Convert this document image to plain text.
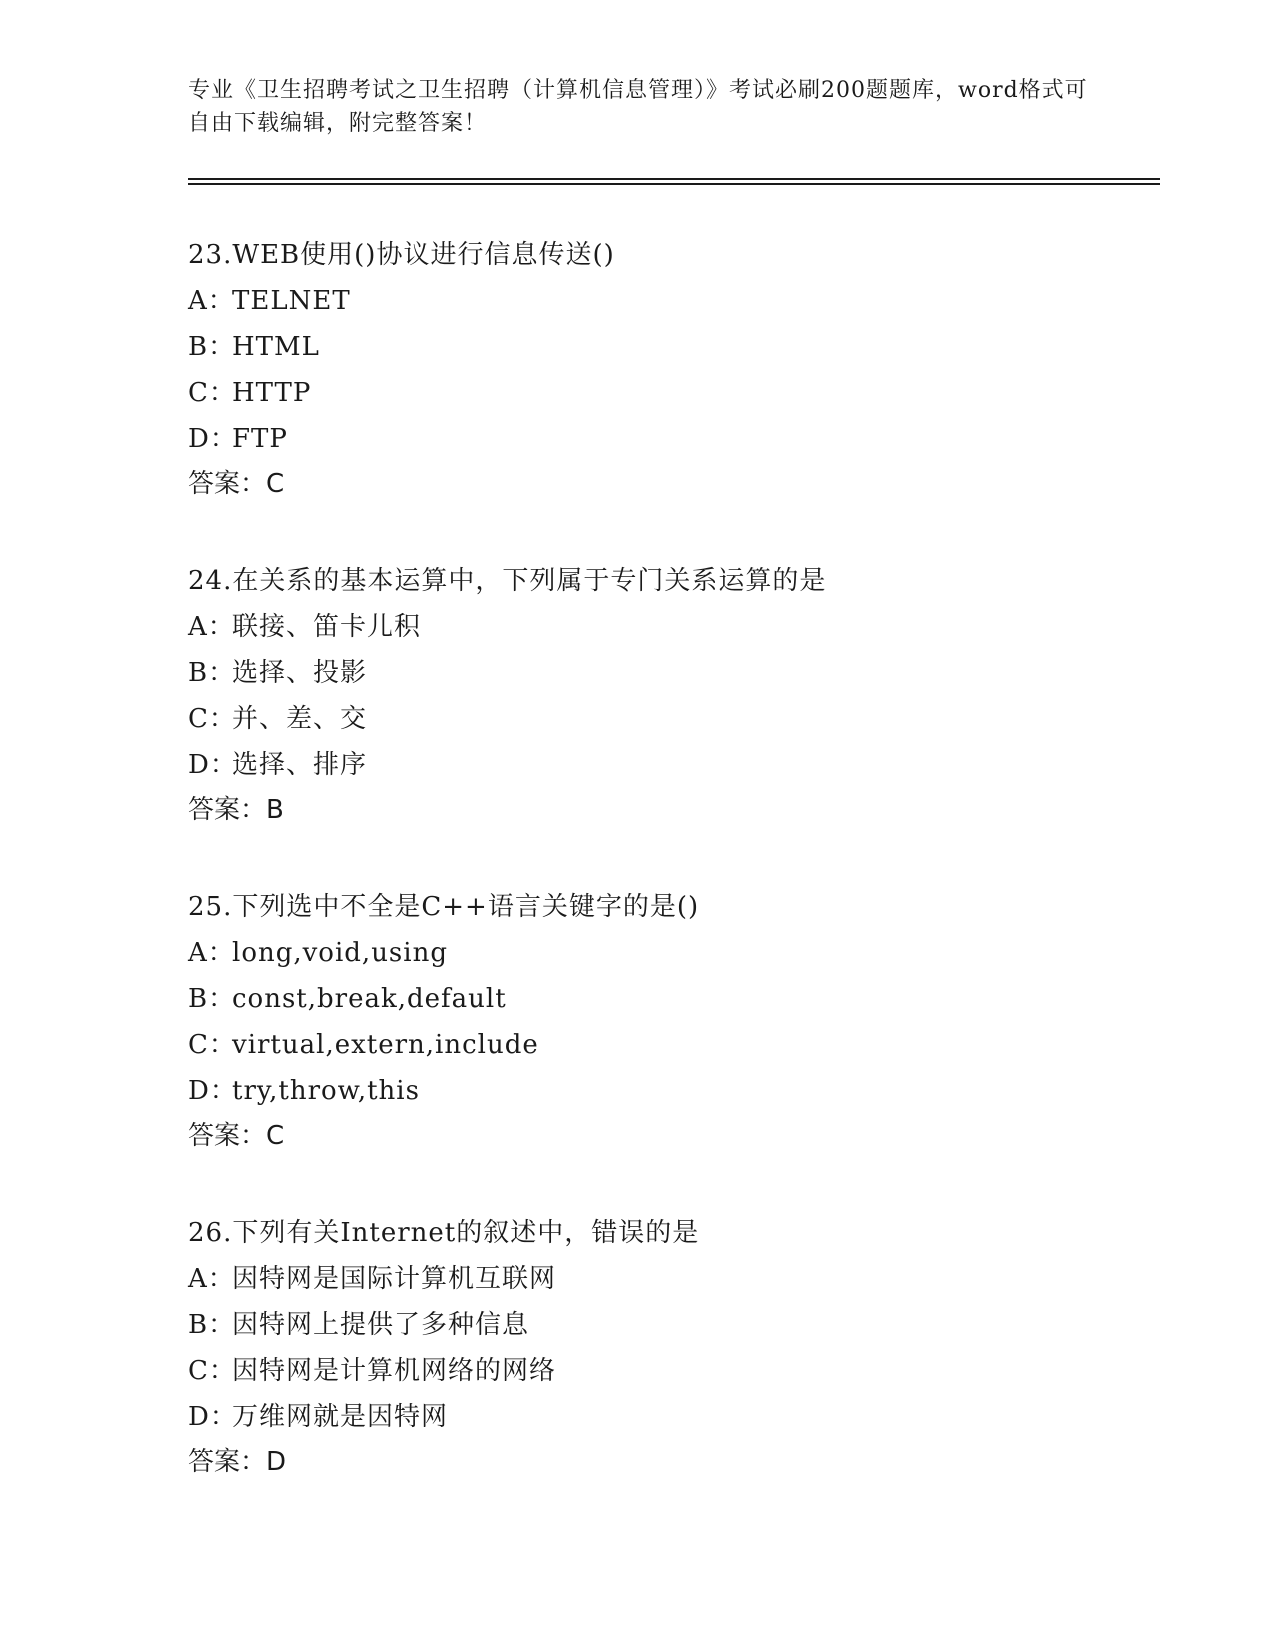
专业《卫生招聘考试之卫生招聘（计算机信息管理）》考试必刷200题题库，word格式可自由下载编辑，附完整答案！
23.WEB使用()协议进行信息传送()
A：TELNET
B：HTML
C：HTTP
D：FTP
答案：C
24.在关系的基本运算中，下列属于专门关系运算的是
A：联接、笛卡儿积
B：选择、投影
C：并、差、交
D：选择、排序
答案：B
25.下列选中不全是C++语言关键字的是()
A：long,void,using
B：const,break,default
C：virtual,extern,include
D：try,throw,this
答案：C
26.下列有关Internet的叙述中，错误的是
A：因特网是国际计算机互联网
B：因特网上提供了多种信息
C：因特网是计算机网络的网络
D：万维网就是因特网
答案：D
